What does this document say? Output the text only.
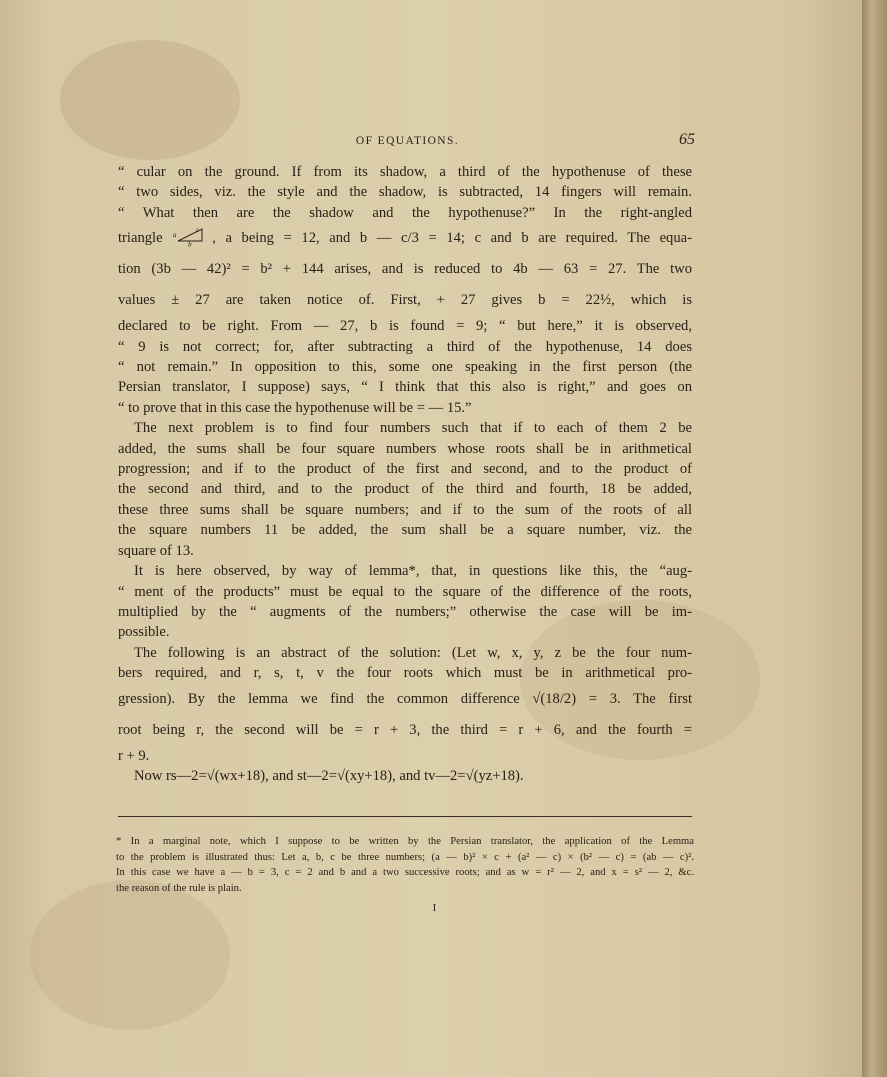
OF EQUATIONS.	65
“ cular on the ground. If from its shadow, a third of the hypothenuse of these
“ two sides, viz. the style and the shadow, is subtracted, 14 fingers will remain.
“ What then are the shadow and the hypothenuse?” In the right-angled
triangle a
b
c , a being = 12, and b — c/3 = 14; c and b are required. The equa-
tion (3b — 42)² = b² + 144 arises, and is reduced to 4b — 63 = 27. The two
values ± 27 are taken notice of. First, + 27 gives b = 22½, which is
declared to be right. From — 27, b is found = 9; “ but here,” it is observed,
“ 9 is not correct; for, after subtracting a third of the hypothenuse, 14 does
“ not remain.” In opposition to this, some one speaking in the first person (the
Persian translator, I suppose) says, “ I think that this also is right,” and goes on
“ to prove that in this case the hypothenuse will be = — 15.”
The next problem is to find four numbers such that if to each of them 2 be
added, the sums shall be four square numbers whose roots shall be in arithmetical
progression; and if to the product of the first and second, and to the product of
the second and third, and to the product of the third and fourth, 18 be added,
these three sums shall be square numbers; and if to the sum of the roots of all
the square numbers 11 be added, the sum shall be a square number, viz. the
square of 13.
It is here observed, by way of lemma*, that, in questions like this, the “aug-
“ ment of the products” must be equal to the square of the difference of the roots,
multiplied by the “ augments of the numbers;” otherwise the case will be im-
possible.
The following is an abstract of the solution: (Let w, x, y, z be the four num-
bers required, and r, s, t, v the four roots which must be in arithmetical pro-
gression). By the lemma we find the common difference √(18/2) = 3. The first
root being r, the second will be = r + 3, the third = r + 6, and the fourth =
r + 9.
Now rs—2=√(wx+18), and st—2=√(xy+18), and tv—2=√(yz+18).
* In a marginal note, which I suppose to be written by the Persian translator, the application of the Lemma
to the problem is illustrated thus: Let a, b, c be three numbers; (a — b)² × c + (a² — c) × (b² — c) = (ab — c)².
In this case we have a — b = 3, c = 2 and b and a two successive roots; and as w = r² — 2, and x = s² — 2, &c.
the reason of the rule is plain.
I
